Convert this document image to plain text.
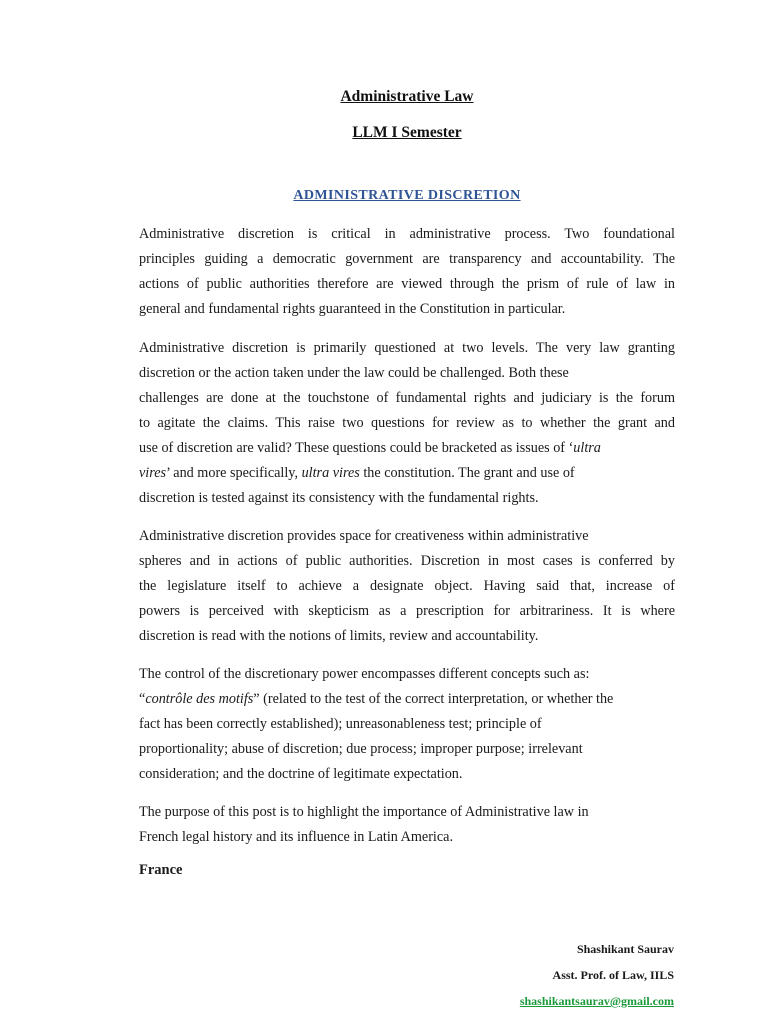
Administrative Law
LLM I Semester
ADMINISTRATIVE DISCRETION
Administrative discretion is critical in administrative process. Two foundational
principles guiding a democratic government are transparency and accountability. The
actions of public authorities therefore are viewed through the prism of rule of law in
general and fundamental rights guaranteed in the Constitution in particular.
Administrative discretion is primarily questioned at two levels. The very law granting
discretion or the action taken under the law could be challenged. Both these
challenges are done at the touchstone of fundamental rights and judiciary is the forum
to agitate the claims. This raise two questions for review as to whether the grant and
use of discretion are valid? These questions could be bracketed as issues of ‘ultra
vires’ and more specifically, ultra vires the constitution. The grant and use of
discretion is tested against its consistency with the fundamental rights.
Administrative discretion provides space for creativeness within administrative
spheres and in actions of public authorities. Discretion in most cases is conferred by
the legislature itself to achieve a designate object. Having said that, increase of
powers is perceived with skepticism as a prescription for arbitrariness. It is where
discretion is read with the notions of limits, review and accountability.
The control of the discretionary power encompasses different concepts such as:
“contrôle des motifs” (related to the test of the correct interpretation, or whether the
fact has been correctly established); unreasonableness test; principle of
proportionality; abuse of discretion; due process; improper purpose; irrelevant
consideration; and the doctrine of legitimate expectation.
The purpose of this post is to highlight the importance of Administrative law in
French legal history and its influence in Latin America.
France

Shashikant Saurav

Asst. Prof. of Law, IILS

shashikantsaurav@gmail.com
